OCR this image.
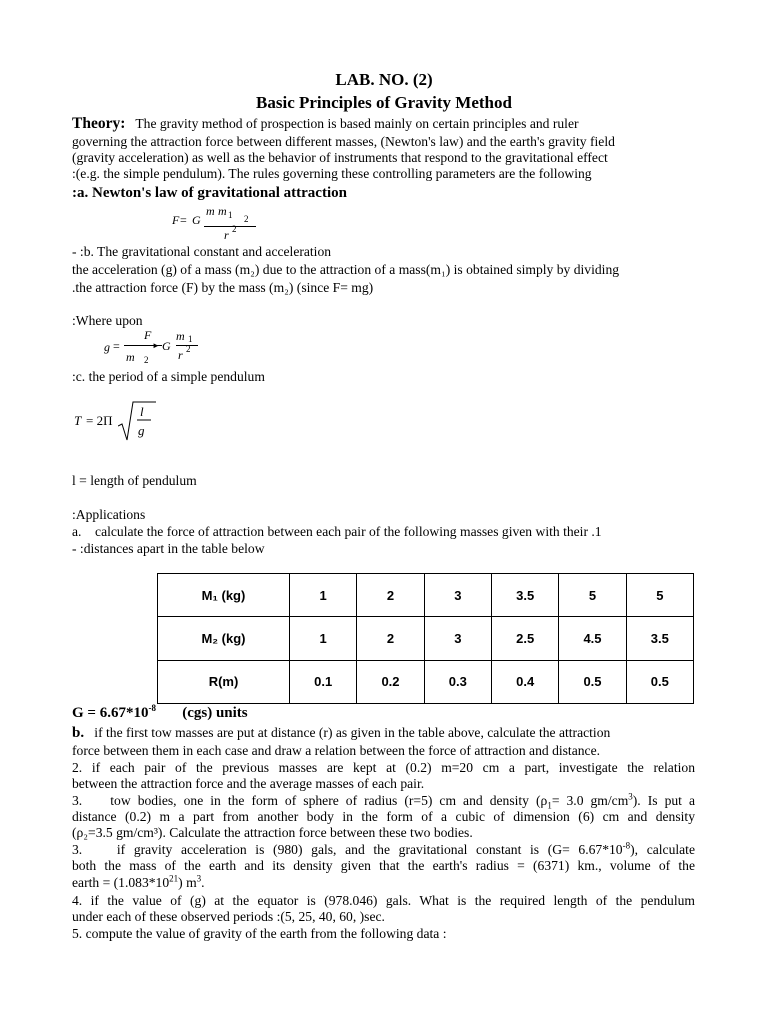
LAB. NO. (2)
Basic Principles of Gravity Method
Theory: The gravity method of prospection is based mainly on certain principles and ruler
governing the attraction force between different masses, (Newton's law) and the earth's gravity field
(gravity acceleration) as well as the behavior of instruments that respond to the gravitational effect
:(e.g. the simple pendulum). The rules governing these controlling parameters are the following
:a. Newton's law of gravitational attraction
F = G
m m 1 2
r 2
- :b. The gravitational constant and acceleration
the acceleration (g) of a mass (m₂) due to the attraction of a mass(m₁) is obtained simply by dividing
.the attraction force (F) by the mass (m₂) (since F= mg)
:Where upon
g =
F
►
m 2
G
m 1
r 2
:c. the period of a simple pendulum
T = 2Π
l
g
l = length of pendulum
:Applications
a. calculate the force of attraction between each pair of the following masses given with their .1
- :distances apart in the table below
M₁ (kg)	1	2	3	3.5	5	5
M₂ (kg)	1	2	3	2.5	4.5	3.5
R(m)	0.1	0.2	0.3	0.4	0.5	0.5
$G = 6.67*10^{-8}$ (cgs) units
b. if the first tow masses are put at distance (r) as given in the table above, calculate the attraction
force between them in each case and draw a relation between the force of attraction and distance.
2. if each pair of the previous masses are kept at (0.2) m=20 cm a part, investigate the relation
between the attraction force and the average masses of each pair.
3.    tow bodies, one in the form of sphere of radius (r=5) cm and density ($\rho_1= 3.0$ $gm/cm^3$). Is put a
distance (0.2) m a part from another body in the form of a cubic of dimension (6) cm and density
(ρ₂=3.5 gm/cm³). Calculate the attraction force between these two bodies.
3.    if gravity acceleration is (980) gals, and the gravitational constant is $(G= 6.67*10^{-8})$, calculate
both the mass of the earth and its density given that the earth's radius = (6371) km., volume of the
earth = $(1.083*10^{21})$ $m^3$.
4. if the value of (g) at the equator is (978.046) gals. What is the required length of the pendulum
under each of these observed periods :(5, 25, 40, 60, )sec.
5. compute the value of gravity of the earth from the following data :
